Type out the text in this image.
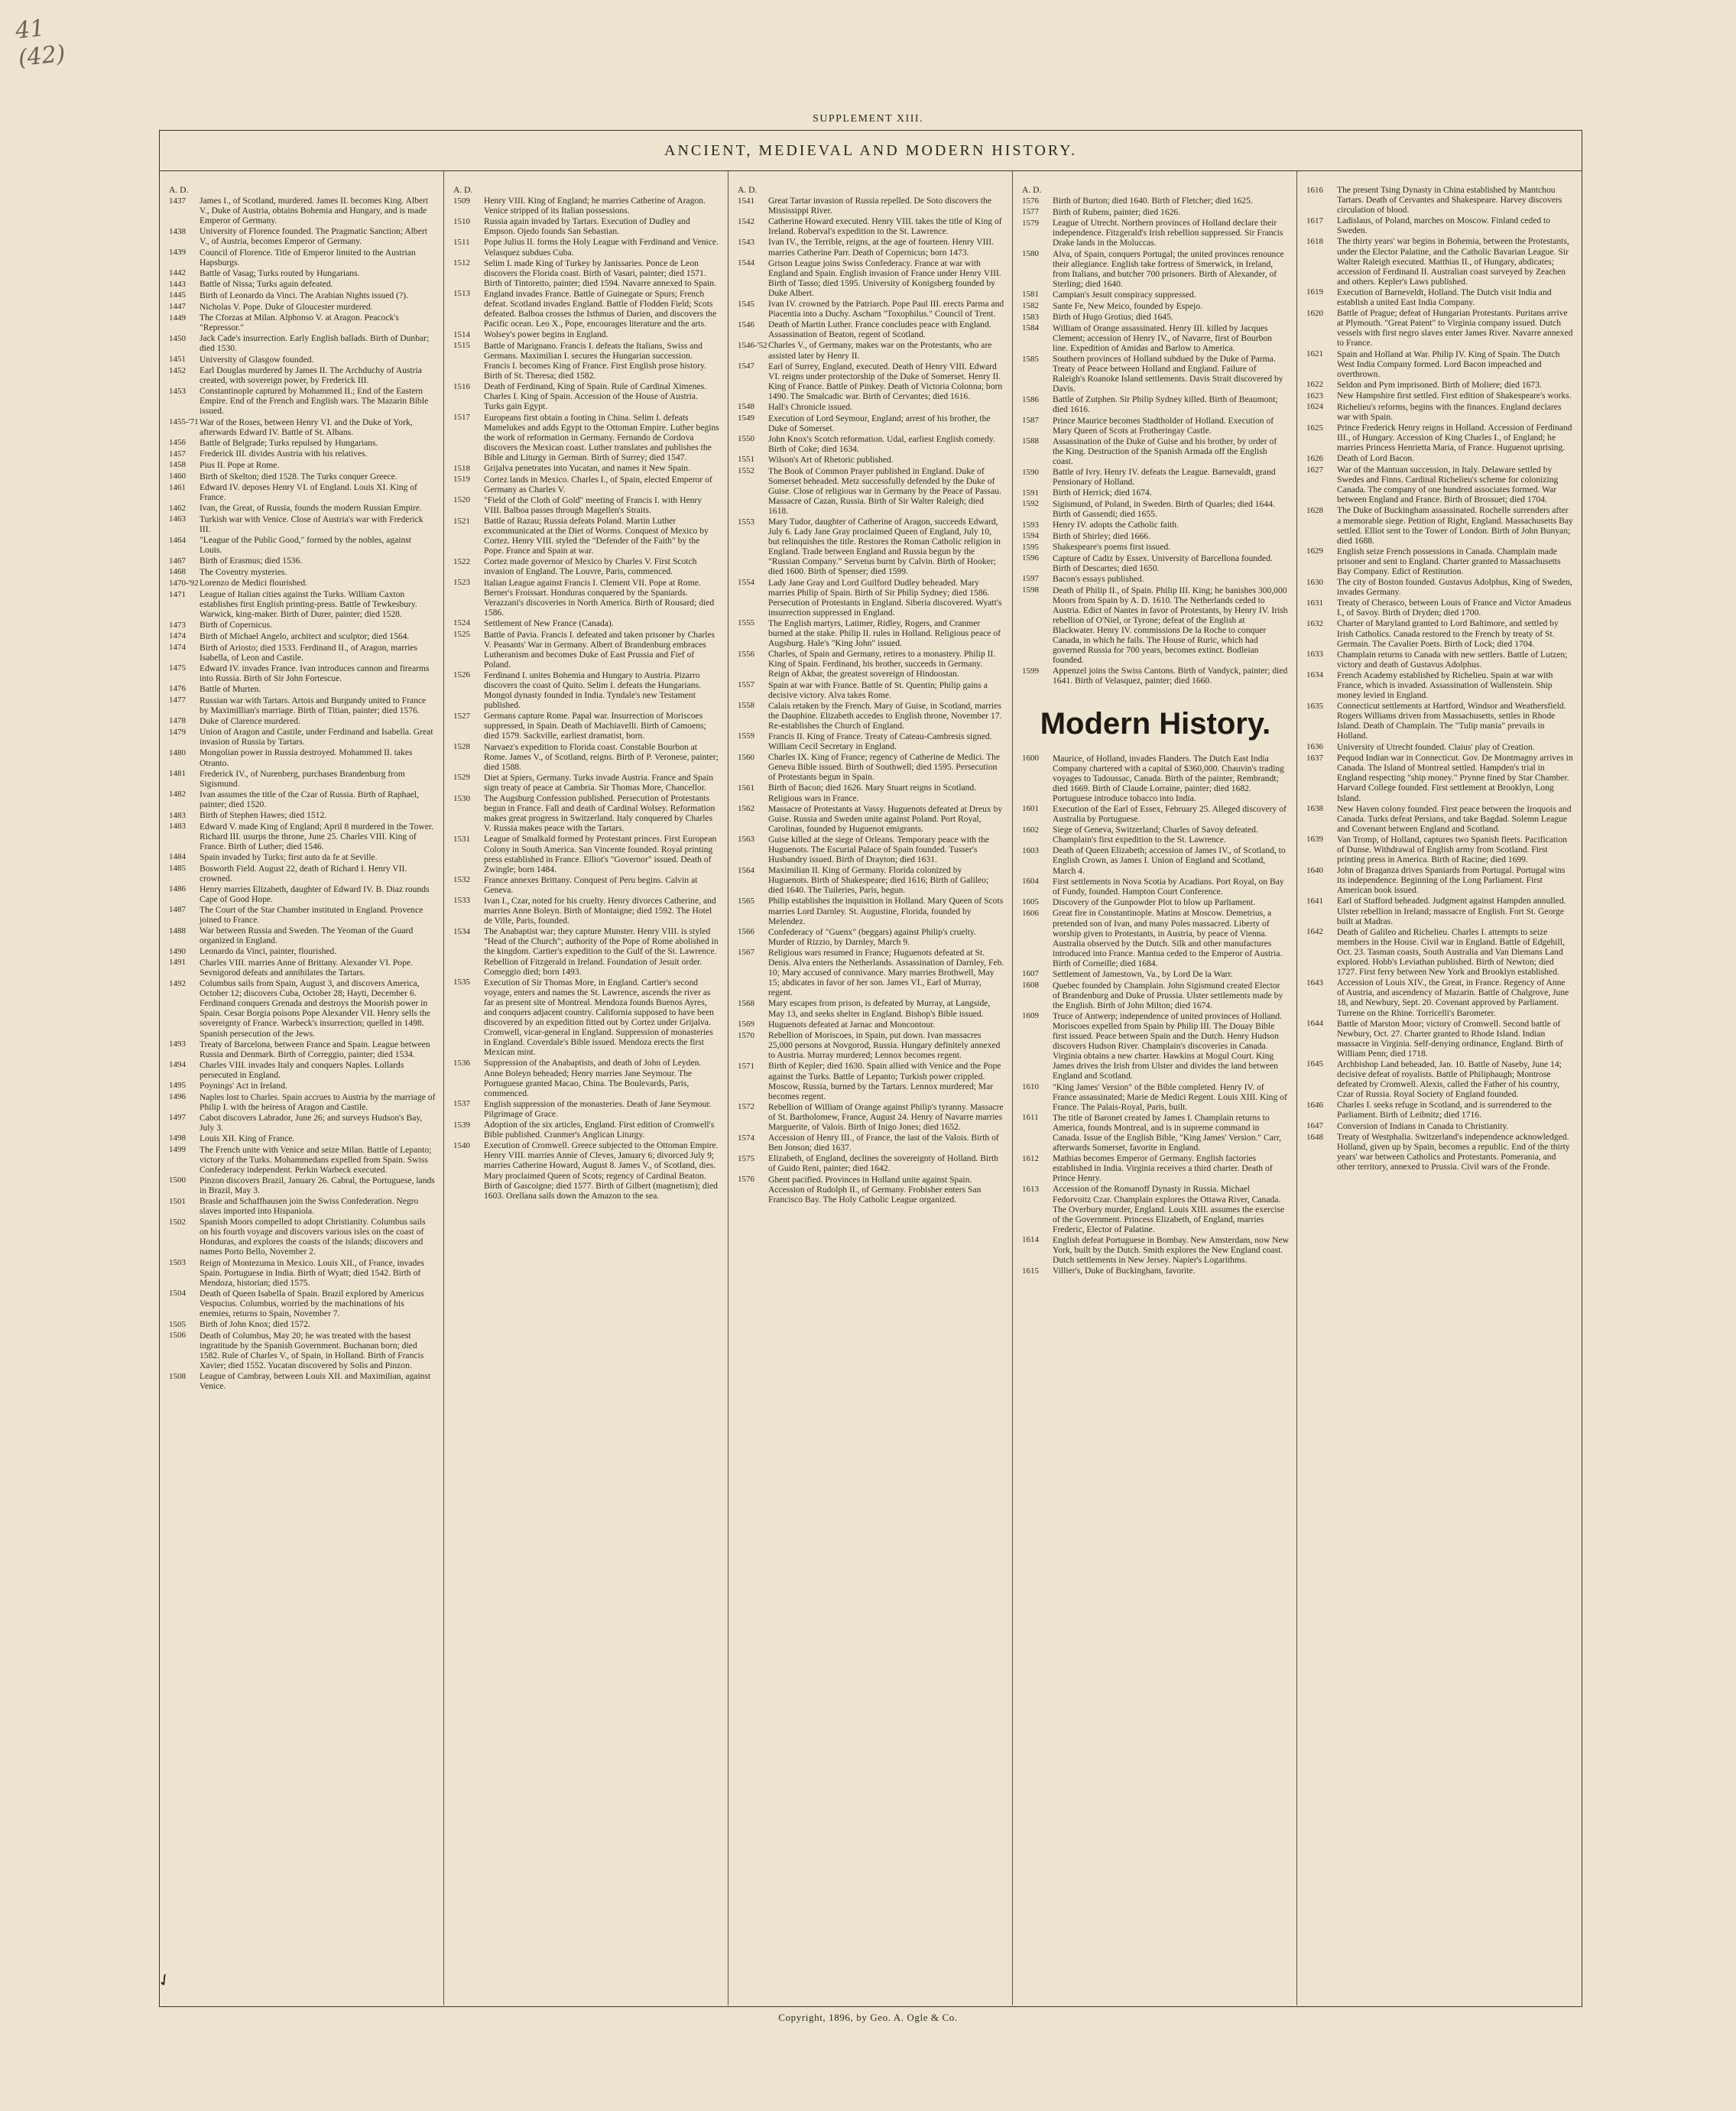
41
(42)
SUPPLEMENT XIII.
ANCIENT, MEDIEVAL AND MODERN HISTORY.
A. D.
1437	James I., of Scotland, murdered. James II. becomes King. Albert V., Duke of Austria, obtains Bohemia and Hungary, and is made Emperor of Germany.
1438	University of Florence founded. The Pragmatic Sanction; Albert V., of Austria, becomes Emperor of Germany.
1439	Council of Florence. Title of Emperor limited to the Austrian Hapsburgs.
1442	Battle of Vasag; Turks routed by Hungarians.
1443	Battle of Nissa; Turks again defeated.
1445	Birth of Leonardo da Vinci. The Arabian Nights issued (?).
1447	Nicholas V. Pope. Duke of Gloucester murdered.
1449	The Cforzas at Milan. Alphonso V. at Aragon. Peacock's "Repressor."
1450	Jack Cade's insurrection. Early English ballads. Birth of Dunbar; died 1530.
1451	University of Glasgow founded.
1452	Earl Douglas murdered by James II. The Archduchy of Austria created, with sovereign power, by Frederick III.
1453	Constantinople captured by Mohammed II.; End of the Eastern Empire. End of the French and English wars. The Mazarin Bible issued.
1455-'71 War of the Roses, between Henry VI. and the Duke of York, afterwards Edward IV. Battle of St. Albans.
1456	Battle of Belgrade; Turks repulsed by Hungarians.
1457	Frederick III. divides Austria with his relatives.
1458	Pius II. Pope at Rome.
1460	Birth of Skelton; died 1528. The Turks conquer Greece.
1461	Edward IV. deposes Henry VI. of England. Louis XI. King of France.
1462	Ivan, the Great, of Russia, founds the modern Russian Empire.
1463	Turkish war with Venice. Close of Austria's war with Frederick III.
1464	"League of the Public Good," formed by the nobles, against Louis.
1467	Birth of Erasmus; died 1536.
1468	The Coventry mysteries.
1470-'92 Lorenzo de Medici flourished.
1471	League of Italian cities against the Turks. William Caxton establishes first English printing-press. Battle of Tewkesbury. Warwick, king-maker. Birth of Durer, painter; died 1528.
1473	Birth of Copernicus.
1474	Birth of Michael Angelo, architect and sculptor; died 1564.
1474	Birth of Ariosto; died 1533. Ferdinand II., of Aragon, marries Isabella, of Leon and Castile.
1475	Edward IV. invades France. Ivan introduces cannon and firearms into Russia. Birth of Sir John Fortescue.
1476	Battle of Murten.
1477	Russian war with Tartars. Artois and Burgundy united to France by Maximillian's marriage. Birth of Titian, painter; died 1576.
1478	Duke of Clarence murdered.
1479	Union of Aragon and Castile, under Ferdinand and Isabella. Great invasion of Russia by Tartars.
1480	Mongolian power in Russia destroyed. Mohammed II. takes Otranto.
1481	Frederick IV., of Nurenberg, purchases Brandenburg from Sigismund.
1482	Ivan assumes the title of the Czar of Russia. Birth of Raphael, painter; died 1520.
1483	Birth of Stephen Hawes; died 1512.
1483	Edward V. made King of England; April 8 murdered in the Tower. Richard III. usurps the throne, June 25. Charles VIII. King of France. Birth of Luther; died 1546.
1484	Spain invaded by Turks; first auto da fe at Seville.
1485	Bosworth Field. August 22, death of Richard I. Henry VII. crowned.
1486	Henry marries Elizabeth, daughter of Edward IV. B. Diaz rounds Cape of Good Hope.
1487	The Court of the Star Chamber instituted in England. Provence joined to France.
1488	War between Russia and Sweden. The Yeoman of the Guard organized in England.
1490	Leonardo da Vinci, painter, flourished.
1491	Charles VIII. marries Anne of Brittany. Alexander VI. Pope. Sevnigorod defeats and annihilates the Tartars.
1492	Columbus sails from Spain, August 3, and discovers America, October 12; discovers Cuba, October 28; Hayti, December 6. Ferdinand conquers Grenada and destroys the Moorish power in Spain. Cesar Borgia poisons Pope Alexander VII. Henry sells the sovereignty of France. Warbeck's insurrection; quelled in 1498. Spanish persecution of the Jews.
1493	Treaty of Barcelona, between France and Spain. League between Russia and Denmark. Birth of Correggio, painter; died 1534.
1494	Charles VIII. invades Italy and conquers Naples. Lollards persecuted in England.
1495	Poynings' Act in Ireland.
1496	Naples lost to Charles. Spain accrues to Austria by the marriage of Philip I. with the heiress of Aragon and Castile.
1497	Cabot discovers Labrador, June 26; and surveys Hudson's Bay, July 3.
1498	Louis XII. King of France.
1499	The French unite with Venice and seize Milan. Battle of Lepanto; victory of the Turks. Mohammedans expelled from Spain. Swiss Confederacy independent. Perkin Warbeck executed.
1500	Pinzon discovers Brazil, January 26. Cabral, the Portuguese, lands in Brazil, May 3.
1501	Brasle and Schaffhausen join the Swiss Confederation. Negro slaves imported into Hispaniola.
1502	Spanish Moors compelled to adopt Christianity. Columbus sails on his fourth voyage and discovers various isles on the coast of Honduras, and explores the coasts of the islands; discovers and names Porto Bello, November 2.
1503	Reign of Montezuma in Mexico. Louis XII., of France, invades Spain. Portuguese in India. Birth of Wyatt; died 1542. Birth of Mendoza, historian; died 1575.
1504	Death of Queen Isabella of Spain. Brazil explored by Americus Vespucius. Columbus, worried by the machinations of his enemies, returns to Spain, November 7.
1505	Birth of John Knox; died 1572.
1506	Death of Columbus, May 20; he was treated with the basest ingratitude by the Spanish Government. Buchanan born; died 1582. Rule of Charles V., of Spain, in Holland. Birth of Francis Xavier; died 1552. Yucatan discovered by Solis and Pinzon.
1508	League of Cambray, between Louis XII. and Maximilian, against Venice.
A. D.
1509	Henry VIII. King of England; he marries Catherine of Aragon. Venice stripped of its Italian possessions.
1510	Russia again invaded by Tartars. Execution of Dudley and Empson. Ojedo founds San Sebastian.
1511	Pope Julius II. forms the Holy League with Ferdinand and Venice. Velasquez subdues Cuba.
1512	Selim I. made King of Turkey by Janissaries. Ponce de Leon discovers the Florida coast. Birth of Vasari, painter; died 1571. Birth of Tintoretto, painter; died 1594. Navarre annexed to Spain.
1513	England invades France. Battle of Guinegate or Spurs; French defeat. Scotland invades England. Battle of Flodden Field; Scots defeated. Balboa crosses the Isthmus of Darien, and discovers the Pacific ocean. Leo X., Pope, encourages literature and the arts.
1514	Wolsey's power begins in England.
1515	Battle of Marignano. Francis I. defeats the Italians, Swiss and Germans. Maximilian I. secures the Hungarian succession. Francis I. becomes King of France. First English prose history. Birth of St. Theresa; died 1582.
1516	Death of Ferdinand, King of Spain. Rule of Cardinal Ximenes. Charles I. King of Spain. Accession of the House of Austria. Turks gain Egypt.
1517	Europeans first obtain a footing in China. Selim I. defeats Mamelukes and adds Egypt to the Ottoman Empire. Luther begins the work of reformation in Germany. Fernando de Cordova discovers the Mexican coast. Luther translates and publishes the Bible and Liturgy in German. Birth of Surrey; died 1547.
1518	Grijalva penetrates into Yucatan, and names it New Spain.
1519	Cortez lands in Mexico. Charles I., of Spain, elected Emperor of Germany as Charles V.
1520	"Field of the Cloth of Gold" meeting of Francis I. with Henry VIII. Balboa passes through Magellen's Straits.
1521	Battle of Razau; Russia defeats Poland. Martin Luther excommunicated at the Diet of Worms. Conquest of Mexico by Cortez. Henry VIII. styled the "Defender of the Faith" by the Pope. France and Spain at war.
1522	Cortez made governor of Mexico by Charles V. First Scotch invasion of England. The Louvre, Paris, commenced.
1523	Italian League against Francis I. Clement VII. Pope at Rome. Berner's Froissart. Honduras conquered by the Spaniards. Verazzani's discoveries in North America. Birth of Rousard; died 1586.
1524	Settlement of New France (Canada).
1525	Battle of Pavia. Francis I. defeated and taken prisoner by Charles V. Peasants' War in Germany. Albert of Brandenburg embraces Lutheranism and becomes Duke of East Prussia and Fief of Poland.
1526	Ferdinand I. unites Bohemia and Hungary to Austria. Pizarro discovers the coast of Quito. Selim I. defeats the Hungarians. Mongol dynasty founded in India. Tyndale's new Testament published.
1527	Germans capture Rome. Papal war. Insurrection of Moriscoes suppressed, in Spain. Death of Machiavelli. Birth of Camoens; died 1579. Sackville, earliest dramatist, born.
1528	Narvaez's expedition to Florida coast. Constable Bourbon at Rome. James V., of Scotland, reigns. Birth of P. Veronese, painter; died 1588.
1529	Diet at Spiers, Germany. Turks invade Austria. France and Spain sign treaty of peace at Cambria. Sir Thomas More, Chancellor.
1530	The Augsburg Confession published. Persecution of Protestants begun in France. Fall and death of Cardinal Wolsey. Reformation makes great progress in Switzerland. Italy conquered by Charles V. Russia makes peace with the Tartars.
1531	League of Smalkald formed by Protestant princes. First European Colony in South America. San Vincente founded. Royal printing press established in France. Elliot's "Governor" issued. Death of Zwingle; born 1484.
1532	France annexes Brittany. Conquest of Peru begins. Calvin at Geneva.
1533	Ivan I., Czar, noted for his cruelty. Henry divorces Catherine, and marries Anne Boleyn. Birth of Montaigne; died 1592. The Hotel de Ville, Paris, founded.
1534	The Anabaptist war; they capture Munster. Henry VIII. is styled "Head of the Church"; authority of the Pope of Rome abolished in the kingdom. Cartier's expedition to the Gulf of the St. Lawrence. Rebellion of Fitzgerald in Ireland. Foundation of Jesuit order. Comeggio died; born 1493.
1535	Execution of Sir Thomas More, in England. Cartier's second voyage, enters and names the St. Lawrence, ascends the river as far as present site of Montreal. Mendoza founds Buenos Ayres, and conquers adjacent country. California supposed to have been discovered by an expedition fitted out by Cortez under Grijalva. Cromwell, vicar-general in England. Suppression of monasteries in England. Coverdale's Bible issued. Mendoza erects the first Mexican mint.
1536	Suppression of the Anabaptists, and death of John of Leyden. Anne Boleyn beheaded; Henry marries Jane Seymour. The Portuguese granted Macao, China. The Boulevards, Paris, commenced.
1537	English suppression of the monasteries. Death of Jane Seymour. Pilgrimage of Grace.
1539	Adoption of the six articles, England. First edition of Cromwell's Bible published. Cranmer's Anglican Liturgy.
1540	Execution of Cromwell. Greece subjected to the Ottoman Empire. Henry VIII. marries Annie of Cleves, January 6; divorced July 9; marries Catherine Howard, August 8. James V., of Scotland, dies. Mary proclaimed Queen of Scots; regency of Cardinal Beaton. Birth of Gascoigne; died 1577. Birth of Gilbert (magnetism); died 1603. Orellana sails down the Amazon to the sea.
A. D.
1541	Great Tartar invasion of Russia repelled. De Soto discovers the Mississippi River.
1542	Catherine Howard executed. Henry VIII. takes the title of King of Ireland. Roberval's expedition to the St. Lawrence.
1543	Ivan IV., the Terrible, reigns, at the age of fourteen. Henry VIII. marries Catherine Parr. Death of Copernicus; born 1473.
1544	Grison League joins Swiss Confederacy. France at war with England and Spain. English invasion of France under Henry VIII. Birth of Tasso; died 1595. University of Konigsberg founded by Duke Albert.
1545	Ivan IV. crowned by the Patriarch. Pope Paul III. erects Parma and Piacentia into a Duchy. Ascham "Toxophilus." Council of Trent.
1546	Death of Martin Luther. France concludes peace with England. Assassination of Beaton, regent of Scotland.
1546-'52 Charles V., of Germany, makes war on the Protestants, who are assisted later by Henry II.
1547	Earl of Surrey, England, executed. Death of Henry VIII. Edward VI. reigns under protectorship of the Duke of Somerset. Henry II. King of France. Battle of Pinkey. Death of Victoria Colonna; born 1490. The Smalcadic war. Birth of Cervantes; died 1616.
1548	Hall's Chronicle issued.
1549	Execution of Lord Seymour, England; arrest of his brother, the Duke of Somerset.
1550	John Knox's Scotch reformation. Udal, earliest English comedy. Birth of Coke; died 1634.
1551	Wilson's Art of Rhetoric published.
1552	The Book of Common Prayer published in England. Duke of Somerset beheaded. Metz successfully defended by the Duke of Guise. Close of religious war in Germany by the Peace of Passau. Massacre of Cazan, Russia. Birth of Sir Walter Raleigh; died 1618.
1553	Mary Tudor, daughter of Catherine of Aragon, succeeds Edward, July 6. Lady Jane Gray proclaimed Queen of England, July 10, but relinquishes the title. Restores the Roman Catholic religion in England. Trade between England and Russia begun by the "Russian Company." Servetus burnt by Calvin. Birth of Hooker; died 1600. Birth of Spenser; died 1599.
1554	Lady Jane Gray and Lord Guilford Dudley beheaded. Mary marries Philip of Spain. Birth of Sir Philip Sydney; died 1586. Persecution of Protestants in England. Siberia discovered. Wyatt's insurrection suppressed in England.
1555	The English martyrs, Latimer, Ridley, Rogers, and Cranmer burned at the stake. Philip II. rules in Holland. Religious peace of Augsburg. Hale's "King John" issued.
1556	Charles, of Spain and Germany, retires to a monastery. Philip II. King of Spain. Ferdinand, his brother, succeeds in Germany. Reign of Akbar, the greatest sovereign of Hindoostan.
1557	Spain at war with France. Battle of St. Quentin; Philip gains a decisive victory. Alva takes Rome.
1558	Calais retaken by the French. Mary of Guise, in Scotland, marries the Dauphine. Elizabeth accedes to English throne, November 17. Re-establishes the Church of England.
1559	Francis II. King of France. Treaty of Cateau-Cambresis signed. William Cecil Secretary in England.
1560	Charles IX. King of France; regency of Catherine de Medici. The Geneva Bible issued. Birth of Southwell; died 1595. Persecution of Protestants begun in Spain.
1561	Birth of Bacon; died 1626. Mary Stuart reigns in Scotland. Religious wars in France.
1562	Massacre of Protestants at Vassy. Huguenots defeated at Dreux by Guise. Russia and Sweden unite against Poland. Port Royal, Carolinas, founded by Huguenot emigrants.
1563	Guise killed at the siege of Orleans. Temporary peace with the Huguenots. The Escurial Palace of Spain founded. Tusser's Husbandry issued. Birth of Drayton; died 1631.
1564	Maximilian II. King of Germany. Florida colonized by Huguenots. Birth of Shakespeare; died 1616; Birth of Galileo; died 1640. The Tuileries, Paris, begun.
1565	Philip establishes the inquisition in Holland. Mary Queen of Scots marries Lord Darnley. St. Augustine, Florida, founded by Melendez.
1566	Confederacy of "Guenx" (beggars) against Philip's cruelty. Murder of Rizzio, by Darnley, March 9.
1567	Religious wars resumed in France; Huguenots defeated at St. Denis. Alva enters the Netherlands. Assassination of Darnley, Feb. 10; Mary accused of connivance. Mary marries Brothwell, May 15; abdicates in favor of her son. James VI., Earl of Murray, regent.
1568	Mary escapes from prison, is defeated by Murray, at Langside, May 13, and seeks shelter in England. Bishop's Bible issued.
1569	Huguenots defeated at Jarnac and Moncontour.
1570	Rebellion of Moriscoes, in Spain, put down. Ivan massacres 25,000 persons at Novgorod, Russia. Hungary definitely annexed to Austria. Murray murdered; Lennox becomes regent.
1571	Birth of Kepler; died 1630. Spain allied with Venice and the Pope against the Turks. Battle of Lepanto; Turkish power crippled. Moscow, Russia, burned by the Tartars. Lennox murdered; Mar becomes regent.
1572	Rebellion of William of Orange against Philip's tyranny. Massacre of St. Bartholomew, France, August 24. Henry of Navarre marries Marguerite, of Valois. Birth of Inigo Jones; died 1652.
1574	Accession of Henry III., of France, the last of the Valois. Birth of Ben Jonson; died 1637.
1575	Elizabeth, of England, declines the sovereignty of Holland. Birth of Guido Reni, painter; died 1642.
1576	Ghent pacified. Provinces in Holland unite against Spain. Accession of Rudolph II., of Germany. Frobisher enters San Francisco Bay. The Holy Catholic League organized.
A. D.
1576	Birth of Burton; died 1640. Birth of Fletcher; died 1625.
1577	Birth of Rubens, painter; died 1626.
1579	League of Utrecht. Northern provinces of Holland declare their independence. Fitzgerald's Irish rebellion suppressed. Sir Francis Drake lands in the Moluccas.
1580	Alva, of Spain, conquers Portugal; the united provinces renounce their allegiance. English take fortress of Smerwick, in Ireland, from Italians, and butcher 700 prisoners. Birth of Alexander, of Sterling; died 1640.
1581	Campian's Jesuit conspiracy suppressed.
1582	Sante Fe, New Meico, founded by Espejo.
1583	Birth of Hugo Grotius; died 1645.
1584	William of Orange assassinated. Henry III. killed by Jacques Clement; accession of Henry IV., of Navarre, first of Bourbon line. Expedition of Amidas and Barlow to America.
1585	Southern provinces of Holland subdued by the Duke of Parma. Treaty of Peace between Holland and England. Failure of Raleigh's Roanoke Island settlements. Davis Strait discovered by Davis.
1586	Battle of Zutphen. Sir Philip Sydney killed. Birth of Beaumont; died 1616.
1587	Prince Maurice becomes Stadtholder of Holland. Execution of Mary Queen of Scots at Frotheringay Castle.
1588	Assassination of the Duke of Guise and his brother, by order of the King. Destruction of the Spanish Armada off the English coast.
1590	Battle of Ivry. Henry IV. defeats the League. Barnevaldt, grand Pensionary of Holland.
1591	Birth of Herrick; died 1674.
1592	Sigismund, of Poland, in Sweden. Birth of Quarles; died 1644. Birth of Gassendi; died 1655.
1593	Henry IV. adopts the Catholic faith.
1594	Birth of Shirley; died 1666.
1595	Shakespeare's poems first issued.
1596	Capture of Cadiz by Essex. University of Barcellona founded. Birth of Descartes; died 1650.
1597	Bacon's essays published.
1598	Death of Philip II., of Spain. Philip III. King; he banishes 300,000 Moors from Spain by A. D. 1610. The Netherlands ceded to Austria. Edict of Nantes in favor of Protestants, by Henry IV. Irish rebellion of O'Niel, or Tyrone; defeat of the English at Blackwater. Henry IV. commissions De la Roche to conquer Canada, in which he fails. The House of Ruric, which had governed Russia for 700 years, becomes extinct. Bodleian founded.
1599	Appenzel joins the Swiss Cantons. Birth of Vandyck, painter; died 1641. Birth of Velasquez, painter; died 1660.
Modern History.
1600	Maurice, of Holland, invades Flanders. The Dutch East India Company chartered with a capital of $360,000. Chauvin's trading voyages to Tadoussac, Canada. Birth of the painter, Rembrandt; died 1669. Birth of Claude Lorraine, painter; died 1682. Portuguese introduce tobacco into India.
1601	Execution of the Earl of Essex, February 25. Alleged discovery of Australia by Portuguese.
1602	Siege of Geneva, Switzerland; Charles of Savoy defeated. Champlain's first expedition to the St. Lawrence.
1603	Death of Queen Elizabeth; accession of James IV., of Scotland, to English Crown, as James I. Union of England and Scotland, March 4.
1604	First settlements in Nova Scotia by Acadians. Port Royal, on Bay of Fundy, founded. Hampton Court Conference.
1605	Discovery of the Gunpowder Plot to blow up Parliament.
1606	Great fire in Constantinople. Matins at Moscow. Demetrius, a pretended son of Ivan, and many Poles massacred. Liberty of worship given to Protestants, in Austria, by peace of Vienna. Australia observed by the Dutch. Silk and other manufactures introduced into France. Mantua ceded to the Emperor of Austria. Birth of Corneille; died 1684.
1607	Settlement of Jamestown, Va., by Lord De la Warr.
1608	Quebec founded by Champlain. John Sigismund created Elector of Brandenburg and Duke of Prussia. Ulster settlements made by the English. Birth of John Milton; died 1674.
1609	Truce of Antwerp; independence of united provinces of Holland. Moriscoes expelled from Spain by Philip III. The Douay Bible first issued. Peace between Spain and the Dutch. Henry Hudson discovers Hudson River. Champlain's discoveries in Canada. Virginia obtains a new charter. Hawkins at Mogul Court. King James drives the Irish from Ulster and divides the land between England and Scotland.
1610	"King James' Version" of the Bible completed. Henry IV. of France assassinated; Marie de Medici Regent. Louis XIII. King of France. The Palais-Royal, Paris, built.
1611	The title of Baronet created by James I. Champlain returns to America, founds Montreal, and is in supreme command in Canada. Issue of the English Bible, "King James' Version." Carr, afterwards Somerset, favorite in England.
1612	Mathias becomes Emperor of Germany. English factories established in India. Virginia receives a third charter. Death of Prince Henry.
1613	Accession of the Romanoff Dynasty in Russia. Michael Fedorvoitz Czar. Champlain explores the Ottawa River, Canada. The Overbury murder, England. Louis XIII. assumes the exercise of the Government. Princess Elizabeth, of England, marries Frederic, Elector of Palatine.
1614	English defeat Portuguese in Bombay. New Amsterdam, now New York, built by the Dutch. Smith explores the New England coast. Dutch settlements in New Jersey. Napier's Logarithms.
1615	Villier's, Duke of Buckingham, favorite.
1616	The present Tsing Dynasty in China established by Mantchou Tartars. Death of Cervantes and Shakespeare. Harvey discovers circulation of blood.
1617	Ladislaus, of Poland, marches on Moscow. Finland ceded to Sweden.
1618	The thirty years' war begins in Bohemia, between the Protestants, under the Elector Palatine, and the Catholic Bavarian League. Sir Walter Raleigh executed. Matthias II., of Hungary, abdicates; accession of Ferdinand II. Australian coast surveyed by Zeachen and others. Kepler's Laws published.
1619	Execution of Barneveldt, Holland. The Dutch visit India and establish a united East India Company.
1620	Battle of Prague; defeat of Hungarian Protestants. Puritans arrive at Plymouth. "Great Patent" to Virginia company issued. Dutch vessels with first negro slaves enter James River. Navarre annexed to France.
1621	Spain and Holland at War. Philip IV. King of Spain. The Dutch West India Company formed. Lord Bacon impeached and overthrown.
1622	Seldon and Pym imprisoned. Birth of Moliere; died 1673.
1623	New Hampshire first settled. First edition of Shakespeare's works.
1624	Richelieu's reforms, begins with the finances. England declares war with Spain.
1625	Prince Frederick Henry reigns in Holland. Accession of Ferdinand III., of Hungary. Accession of King Charles I., of England; he marries Princess Henrietta Maria, of France. Huguenot uprising.
1626	Death of Lord Bacon.
1627	War of the Mantuan succession, in Italy. Delaware settled by Swedes and Finns. Cardinal Richelieu's scheme for colonizing Canada. The company of one hundred associates formed. War between England and France. Birth of Brossuet; died 1704.
1628	The Duke of Buckingham assassinated. Rochelle surrenders after a memorable siege. Petition of Right, England. Massachusetts Bay settled. Elliot sent to the Tower of London. Birth of John Bunyan; died 1688.
1629	English seize French possessions in Canada. Champlain made prisoner and sent to England. Charter granted to Massachusetts Bay Company. Edict of Restitution.
1630	The city of Boston founded. Gustavus Adolphus, King of Sweden, invades Germany.
1631	Treaty of Cherasco, between Louis of France and Victor Amadeus I., of Savoy. Birth of Dryden; died 1700.
1632	Charter of Maryland granted to Lord Baltimore, and settled by Irish Catholics. Canada restored to the French by treaty of St. Germain. The Cavalier Poets. Birth of Lock; died 1704.
1633	Champlain returns to Canada with new settlers. Battle of Lutzen; victory and death of Gustavus Adolphus.
1634	French Academy established by Richelieu. Spain at war with France, which is invaded. Assassination of Wallenstein. Ship money levied in England.
1635	Connecticut settlements at Hartford, Windsor and Weathersfield. Rogers Williams driven from Massachusetts, settles in Rhode Island. Death of Champlain. The "Tulip mania" prevails in Holland.
1636	University of Utrecht founded. Claius' play of Creation.
1637	Pequod Indian war in Connecticut. Gov. De Montmagny arrives in Canada. The Island of Montreal settled. Hampden's trial in England respecting "ship money." Prynne fined by Star Chamber. Harvard College founded. First settlement at Brooklyn, Long Island.
1638	New Haven colony founded. First peace between the Iroquois and Canada. Turks defeat Persians, and take Bagdad. Solemn League and Covenant between England and Scotland.
1639	Van Tromp, of Holland, captures two Spanish fleets. Pacification of Dunse. Withdrawal of English army from Scotland. First printing press in America. Birth of Racine; died 1699.
1640	John of Braganza drives Spaniards from Portugal. Portugal wins its independence. Beginning of the Long Parliament. First American book issued.
1641	Earl of Stafford beheaded. Judgment against Hampden annulled. Ulster rebellion in Ireland; massacre of English. Fort St. George built at Madras.
1642	Death of Galileo and Richelieu. Charles I. attempts to seize members in the House. Civil war in England. Battle of Edgehill, Oct. 23. Tasman coasts, South Australia and Van Diemans Land explored. Hobb's Leviathan published. Birth of Newton; died 1727. First ferry between New York and Brooklyn established.
1643	Accession of Louis XIV., the Great, in France. Regency of Anne of Austria, and ascendency of Mazarin. Battle of Chalgrove, June 18, and Newbury, Sept. 20. Covenant approved by Parliament. Turrene on the Rhine. Torricelli's Barometer.
1644	Battle of Marston Moor; victory of Cromwell. Second battle of Newbury, Oct. 27. Charter granted to Rhode Island. Indian massacre in Virginia. Self-denying ordinance, England. Birth of William Penn; died 1718.
1645	Archbishop Land beheaded, Jan. 10. Battle of Naseby, June 14; decisive defeat of royalists. Battle of Philiphaugh; Montrose defeated by Cromwell. Alexis, called the Father of his country, Czar of Russia. Royal Society of England founded.
1646	Charles I. seeks refuge in Scotland, and is surrendered to the Parliament. Birth of Leibnitz; died 1716.
1647	Conversion of Indians in Canada to Christianity.
1648	Treaty of Westphalia. Switzerland's independence acknowledged. Holland, given up by Spain, becomes a republic. End of the thirty years' war between Catholics and Protestants. Pomerania, and other territory, annexed to Prussia. Civil wars of the Fronde.
✓
Copyright, 1896, by Geo. A. Ogle & Co.
